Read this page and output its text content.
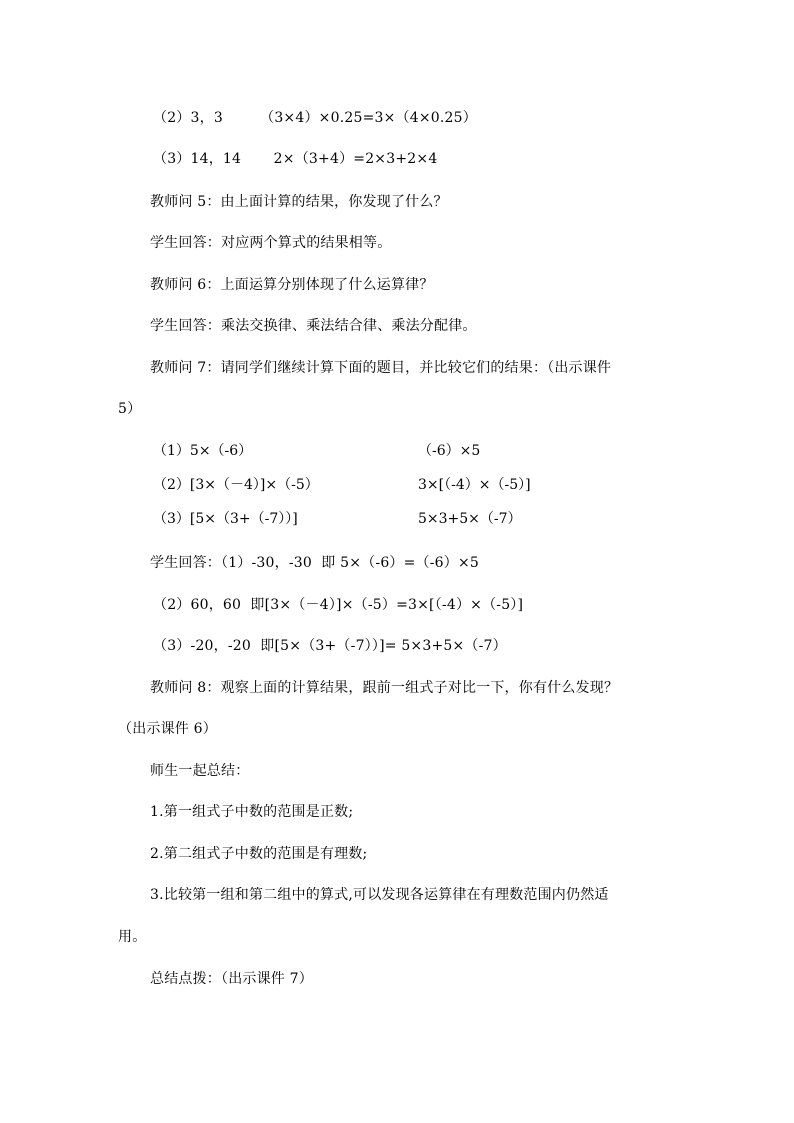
（2）3，3        （3×4）×0.25=3×（4×0.25）
（3）14，14       2×（3+4）=2×3+2×4
教师问 5：由上面计算的结果，你发现了什么？
学生回答：对应两个算式的结果相等。
教师问 6：上面运算分别体现了什么运算律？
学生回答：乘法交换律、乘法结合律、乘法分配律。
教师问 7：请同学们继续计算下面的题目，并比较它们的结果：（出示课件
5）
（1）5×（-6）	（-6）×5
（2）[3×（－4）]×（-5）	3×[（-4）×（-5）]
（3）[5×（3+（-7））]	5×3+5×（-7）
学生回答：（1）-30，-30  即 5×（-6）=（-6）×5
（2）60，60  即[3×（－4）]×（-5）=3×[（-4）×（-5）]
（3）-20，-20  即[5×（3+（-7））]= 5×3+5×（-7）
教师问 8：观察上面的计算结果，跟前一组式子对比一下，你有什么发现？
（出示课件 6）
师生一起总结：
1.第一组式子中数的范围是正数;
2.第二组式子中数的范围是有理数;
3.比较第一组和第二组中的算式,可以发现各运算律在有理数范围内仍然适
用。
总结点拨：（出示课件 7）
